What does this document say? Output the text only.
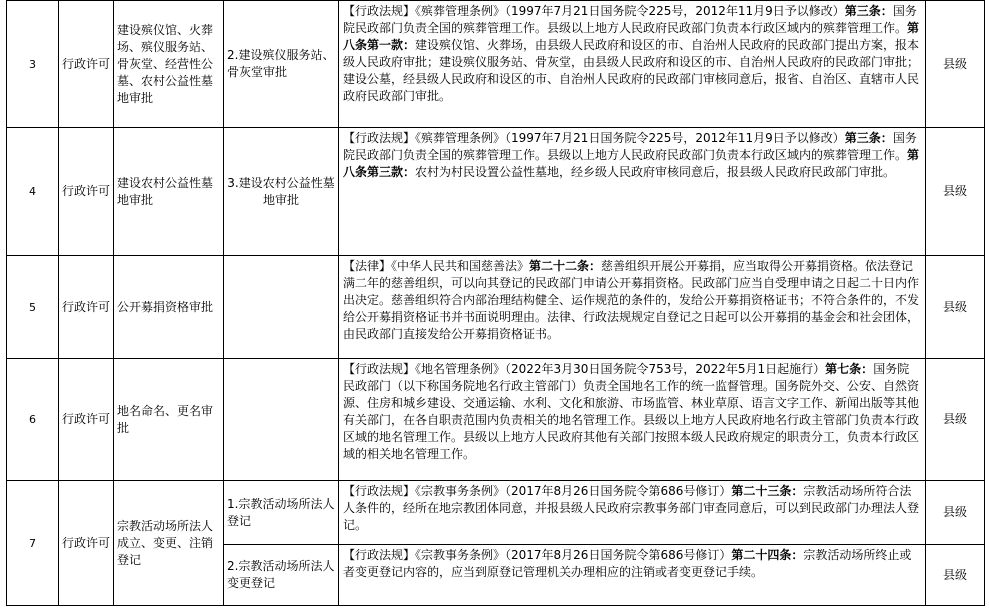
3	行政许可	建设殡仪馆、火葬场、殡仪服务站、骨灰堂、经营性公墓、农村公益性墓地审批	2.建设殡仪服务站、骨灰堂审批	【行政法规】《殡葬管理条例》（1997年7月21日国务院令225号，2012年11月9日予以修改）第三条：国务院民政部门负责全国的殡葬管理工作。县级以上地方人民政府民政部门负责本行政区域内的殡葬管理工作。第八条第一款：建设殡仪馆、火葬场，由县级人民政府和设区的市、自治州人民政府的民政部门提出方案，报本级人民政府审批；建设殡仪服务站、骨灰堂，由县级人民政府和设区的市、自治州人民政府的民政部门审批；建设公墓，经县级人民政府和设区的市、自治州人民政府的民政部门审核同意后，报省、自治区、直辖市人民政府民政部门审批。	县级
4	行政许可	建设农村公益性墓地审批	3.建设农村公益性墓地审批	【行政法规】《殡葬管理条例》（1997年7月21日国务院令225号，2012年11月9日予以修改）第三条：国务院民政部门负责全国的殡葬管理工作。县级以上地方人民政府民政部门负责本行政区域内的殡葬管理工作。第八条第三款：农村为村民设置公益性墓地，经乡级人民政府审核同意后，报县级人民政府民政部门审批。	县级
5	行政许可	公开募捐资格审批		【法律】《中华人民共和国慈善法》第二十二条：慈善组织开展公开募捐，应当取得公开募捐资格。依法登记满二年的慈善组织，可以向其登记的民政部门申请公开募捐资格。民政部门应当自受理申请之日起二十日内作出决定。慈善组织符合内部治理结构健全、运作规范的条件的，发给公开募捐资格证书；不符合条件的，不发给公开募捐资格证书并书面说明理由。法律、行政法规规定自登记之日起可以公开募捐的基金会和社会团体，由民政部门直接发给公开募捐资格证书。	县级
6	行政许可	地名命名、更名审批		【行政法规】《地名管理条例》（2022年3月30日国务院令753号，2022年5月1日起施行）第七条：国务院民政部门（以下称国务院地名行政主管部门）负责全国地名工作的统一监督管理。国务院外交、公安、自然资源、住房和城乡建设、交通运输、水利、文化和旅游、市场监管、林业草原、语言文字工作、新闻出版等其他有关部门，在各自职责范围内负责相关的地名管理工作。县级以上地方人民政府地名行政主管部门负责本行政区域的地名管理工作。县级以上地方人民政府其他有关部门按照本级人民政府规定的职责分工，负责本行政区域的相关地名管理工作。	县级
7	行政许可	宗教活动场所法人成立、变更、注销登记	1.宗教活动场所法人登记	【行政法规】《宗教事务条例》（2017年8月26日国务院令第686号修订）第二十三条：宗教活动场所符合法人条件的，经所在地宗教团体同意，并报县级人民政府宗教事务部门审查同意后，可以到民政部门办理法人登记。	县级
			2.宗教活动场所法人变更登记	【行政法规】《宗教事务条例》（2017年8月26日国务院令第686号修订）第二十四条：宗教活动场所终止或者变更登记内容的，应当到原登记管理机关办理相应的注销或者变更登记手续。	县级
